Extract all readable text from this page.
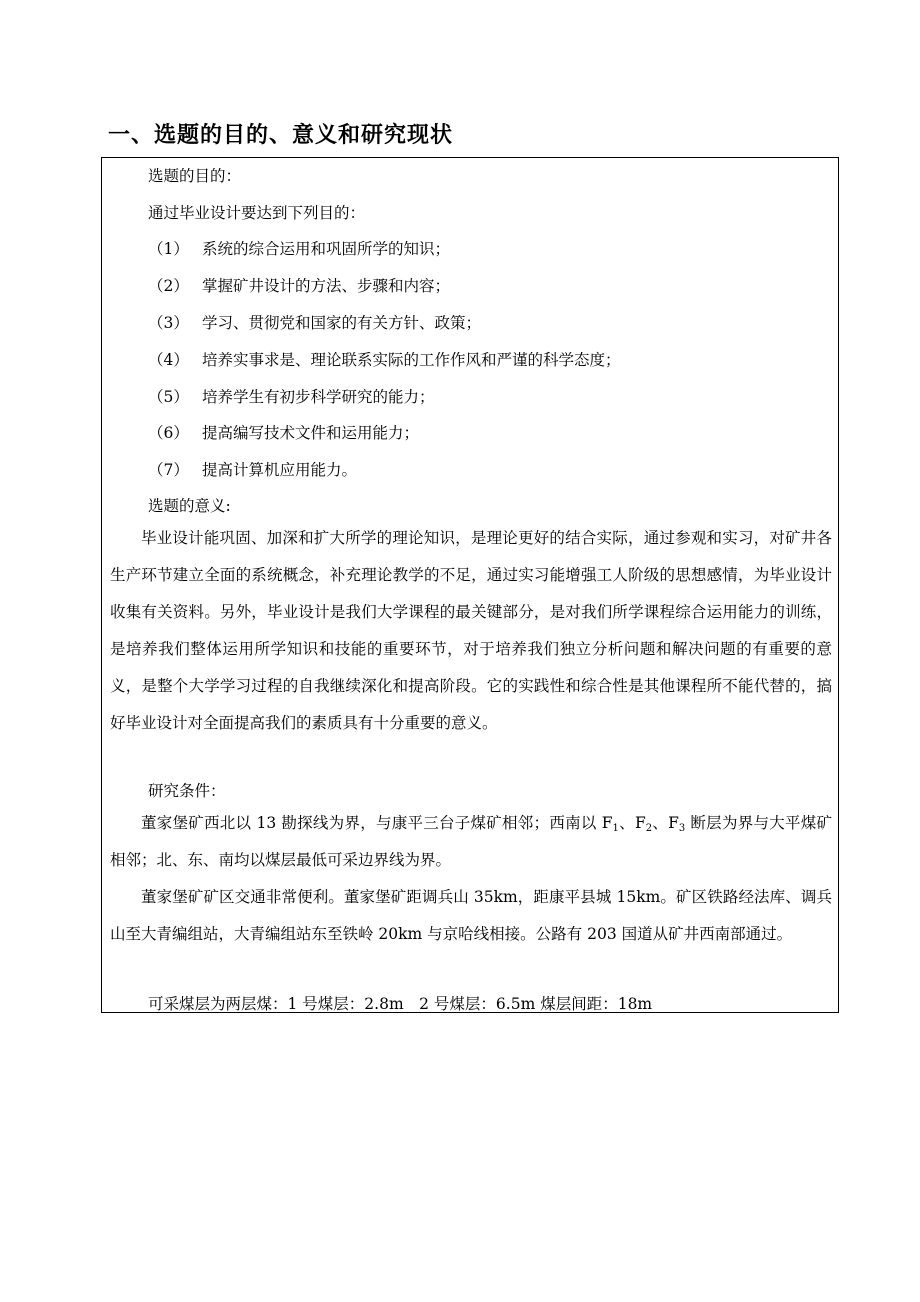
一、选题的目的、意义和研究现状
选题的目的：
通过毕业设计要达到下列目的：
（1） 系统的综合运用和巩固所学的知识；
（2） 掌握矿井设计的方法、步骤和内容；
（3） 学习、贯彻党和国家的有关方针、政策；
（4） 培养实事求是、理论联系实际的工作作风和严谨的科学态度；
（5） 培养学生有初步科学研究的能力；
（6） 提高编写技术文件和运用能力；
（7） 提高计算机应用能力。
选题的意义:

毕业设计能巩固、加深和扩大所学的理论知识，是理论更好的结合实际，通过参观和实习，对矿井各生产环节建立全面的系统概念，补充理论教学的不足，通过实习能增强工人阶级的思想感情，为毕业设计收集有关资料。另外，毕业设计是我们大学课程的最关键部分，是对我们所学课程综合运用能力的训练，是培养我们整体运用所学知识和技能的重要环节，对于培养我们独立分析问题和解决问题的有重要的意义，是整个大学学习过程的自我继续深化和提高阶段。它的实践性和综合性是其他课程所不能代替的，搞好毕业设计对全面提高我们的素质具有十分重要的意义。

研究条件：

董家堡矿西北以 13 勘探线为界，与康平三台子煤矿相邻；西南以 $F_1$、$F_2$、$F_3$ 断层为界与大平煤矿相邻；北、东、南均以煤层最低可采边界线为界。

董家堡矿矿区交通非常便利。董家堡矿距调兵山 35km，距康平县城 15km。矿区铁路经法库、调兵山至大青编组站，大青编组站东至铁岭 20km 与京哈线相接。公路有 203 国道从矿井西南部通过。

可采煤层为两层煤：1 号煤层：2.8m　2 号煤层：6.5m 煤层间距：18m
